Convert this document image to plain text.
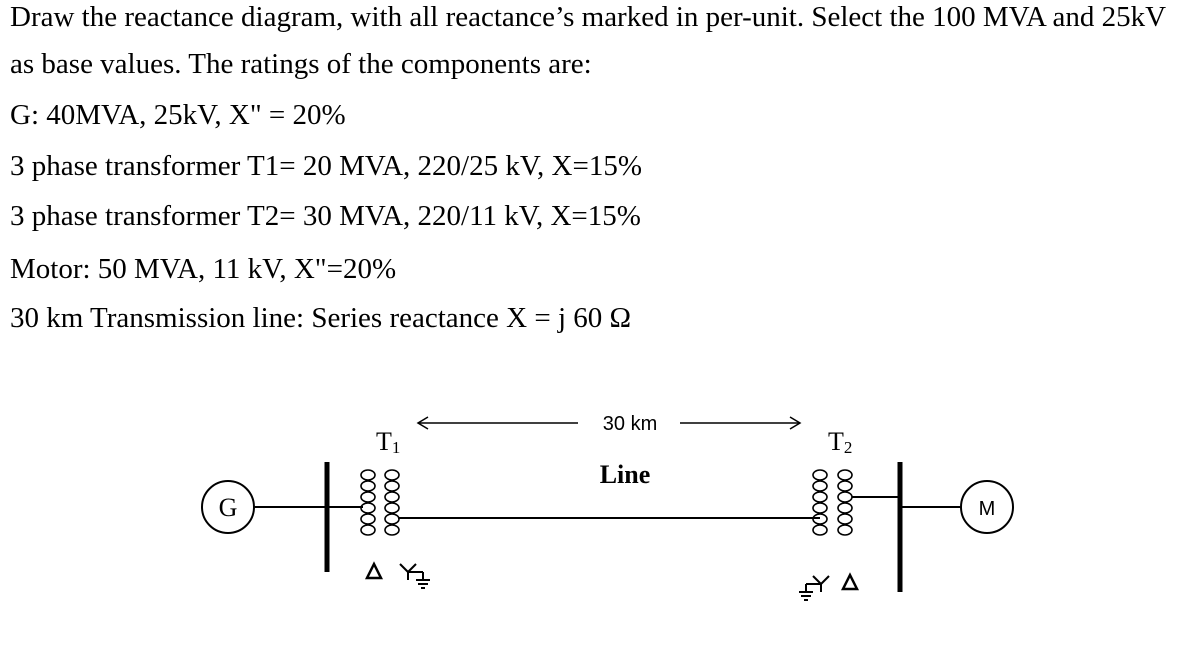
Draw the reactance diagram, with all reactance’s marked in per-unit. Select the 100 MVA and 25kV
as base values. The ratings of the components are:
G: 40MVA, 25kV, X" = 20%
3 phase transformer T1= 20 MVA, 220/25 kV, X=15%
3 phase transformer T2= 30 MVA, 220/11 kV, X=15%
Motor: 50 MVA, 11 kV, X"=20%
30 km Transmission line: Series reactance X = j 60 Ω
30 km
Line
T1	T2
G	M
